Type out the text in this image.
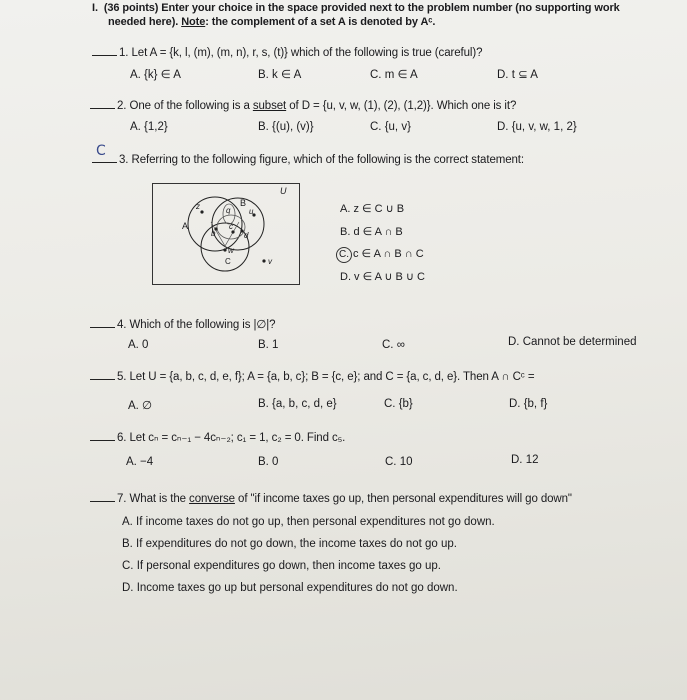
I. (36 points) Enter your choice in the space provided next to the problem number (no supporting work
needed here). Note: the complement of a set A is denoted by Aᶜ.
1. Let A = {k, l, (m), (m, n), r, s, (t)} which of the following is true (careful)?
A. {k} ∈ A	B. k ∈ A	C. m ∈ A	D. t ⊆ A
2. One of the following is a subset of D = {u, v, w, (1), (2), (1,2)}. Which one is it?
A. {1,2}	B. {(u), (v)}	C. {u, v}	D. {u, v, w, 1, 2}
C
3. Referring to the following figure, which of the following is the correct statement:
U
A
B
C
z	q u
b
c
d
w
v
A. z ∈ C ∪ B
B. d ∈ A ∩ B
C. c ∈ A ∩ B ∩ C
D. v ∈ A ∪ B ∪ C
4. Which of the following is |∅|?
A. 0	B. 1	C. ∞	D. Cannot be determined
5. Let U = {a, b, c, d, e, f}; A = {a, b, c}; B = {c, e}; and C = {a, c, d, e}. Then A ∩ Cᶜ =
A. ∅	B. {a, b, c, d, e}	C. {b}	D. {b, f}
6. Let cₙ = cₙ₋₁ − 4cₙ₋₂; c₁ = 1, c₂ = 0. Find c₅.
A. −4	B. 0	C. 10	D. 12
7. What is the converse of "if income taxes go up, then personal expenditures will go down"
A. If income taxes do not go up, then personal expenditures not go down.
B. If expenditures do not go down, the income taxes do not go up.
C. If personal expenditures go down, then income taxes go up.
D. Income taxes go up but personal expenditures do not go down.
